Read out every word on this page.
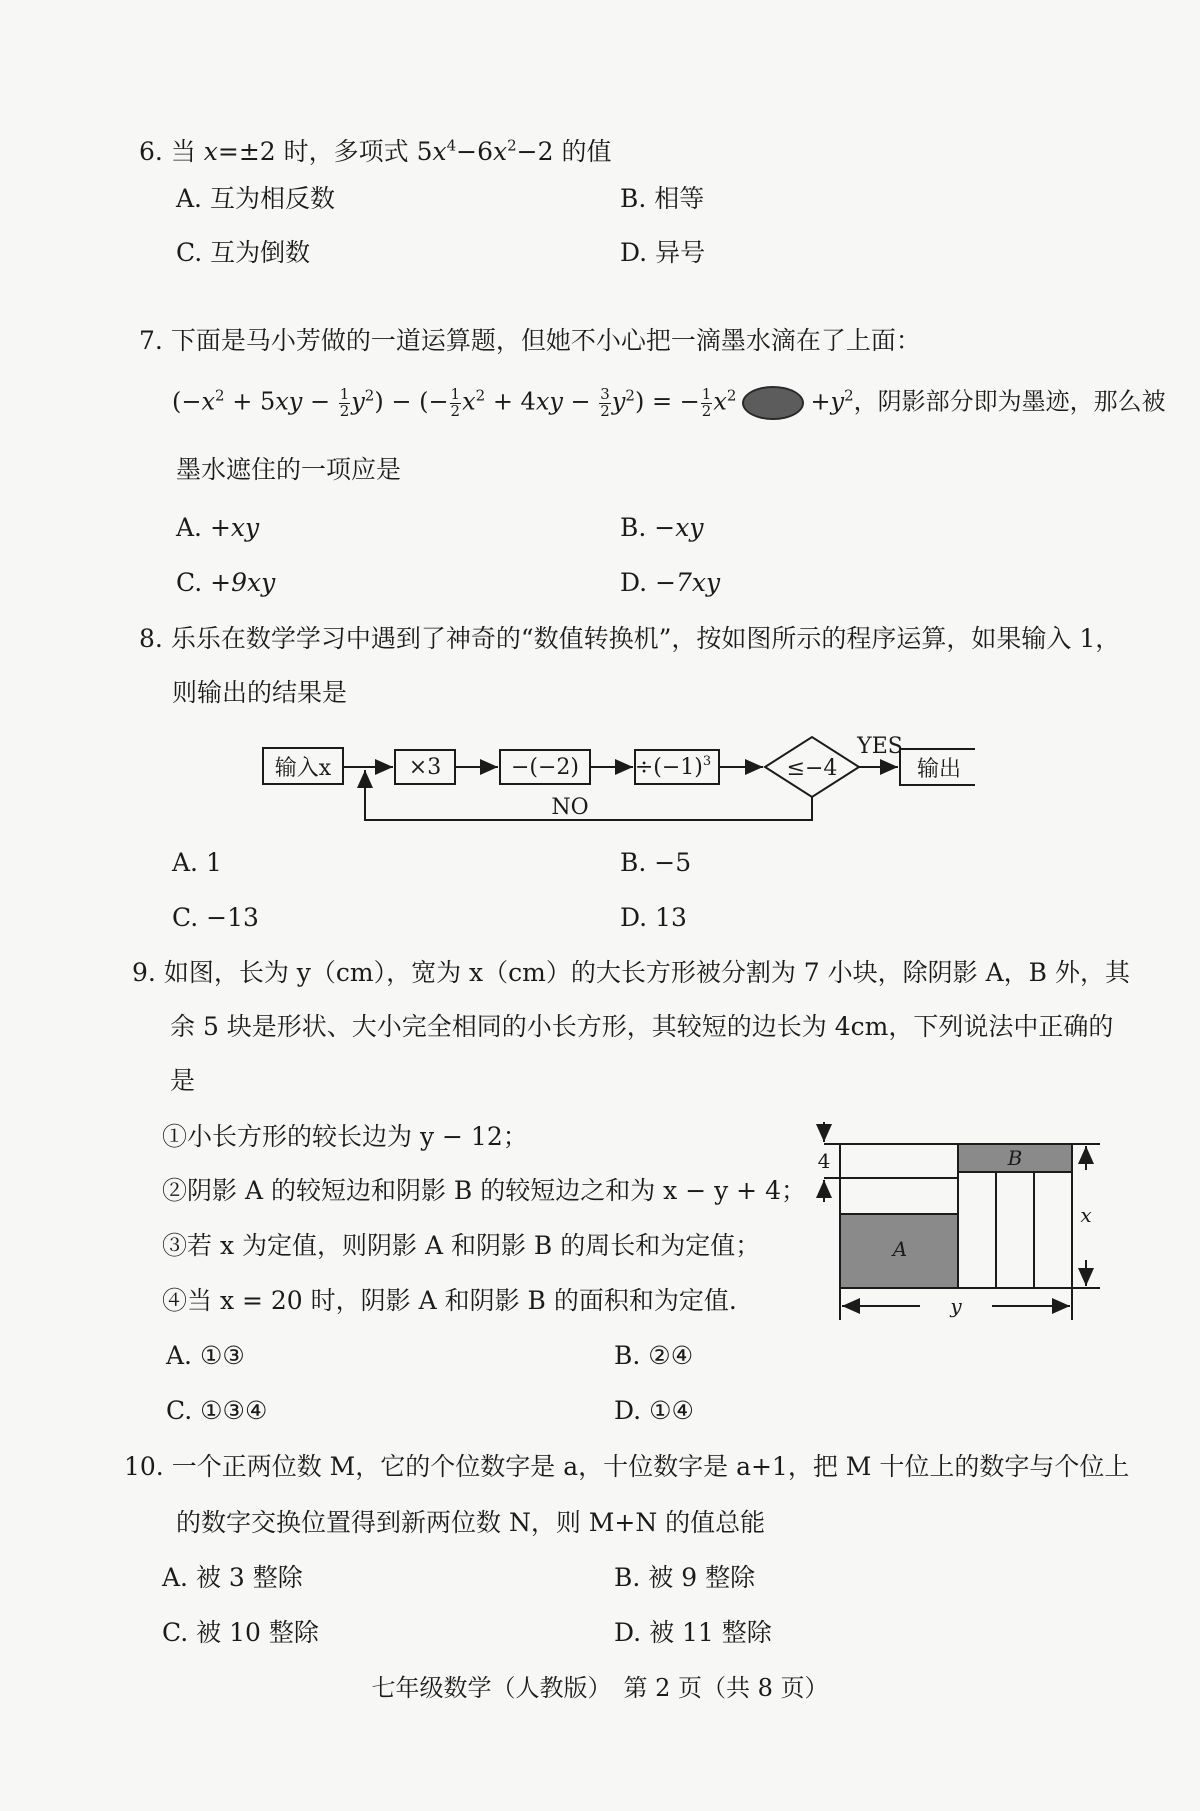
6. 当 x=±2 时，多项式 $5x^4-6x^2-2$ 的值
A. 互为相反数	B. 相等
C. 互为倒数	D. 异号
7. 下面是马小芳做的一道运算题，但她不小心把一滴墨水滴在了上面：
$(-x^2 + 5xy - \frac{1}{2} y^2)$ − (− $\frac{1}{2} x^2 + 4xy - \frac{3}{2} y^2$) = − $\frac{1}{2} x^2$	$+y^2$，阴影部分即为墨迹，那么被
墨水遮住的一项应是
A. +xy	B. −xy
C. +9xy	D. −7xy
8. 乐乐在数学学习中遇到了神奇的“数值转换机”，按如图所示的程序运算，如果输入 1，
则输出的结果是
输入x	×3	−(−2)	$\div(-1)^3$	≤−4	输出
YES
NO
A. 1	B. −5
C. −13	D. 13
9. 如图，长为 y（cm），宽为 x（cm）的大长方形被分割为 7 小块，除阴影 A，B 外，其
余 5 块是形状、大小完全相同的小长方形，其较短的边长为 4cm，下列说法中正确的
是
①小长方形的较长边为 y − 12；
②阴影 A 的较短边和阴影 B 的较短边之和为 x − y + 4；
③若 x 为定值，则阴影 A 和阴影 B 的周长和为定值；
④当 x = 20 时，阴影 A 和阴影 B 的面积和为定值.
4
A
B
x
y
A. ①③	B. ②④
C. ①③④	D. ①④
10. 一个正两位数 M，它的个位数字是 a，十位数字是 a+1，把 M 十位上的数字与个位上
的数字交换位置得到新两位数 N，则 M+N 的值总能
A. 被 3 整除	B. 被 9 整除
C. 被 10 整除	D. 被 11 整除
七年级数学（人教版）　第 2 页（共 8 页）
